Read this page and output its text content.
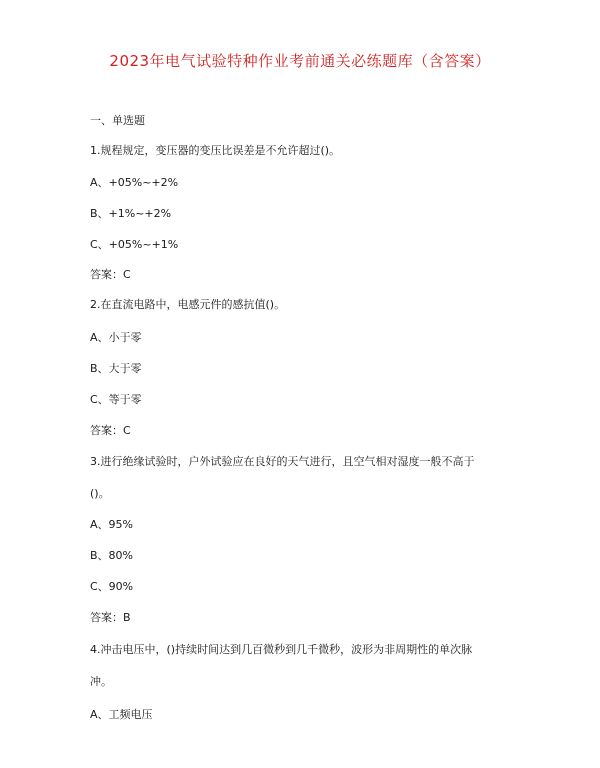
2023年电气试验特种作业考前通关必练题库（含答案）
一、单选题
1.规程规定，变压器的变压比误差是不允许超过()。
A、+05%~+2%
B、+1%~+2%
C、+05%~+1%
答案：C
2.在直流电路中，电感元件的感抗值()。
A、小于零
B、大于零
C、等于零
答案：C
3.进行绝缘试验时，户外试验应在良好的天气进行，且空气相对湿度一般不高于
()。
A、95%
B、80%
C、90%
答案：B
4.冲击电压中，()持续时间达到几百微秒到几千微秒，波形为非周期性的单次脉
冲。
A、工频电压
